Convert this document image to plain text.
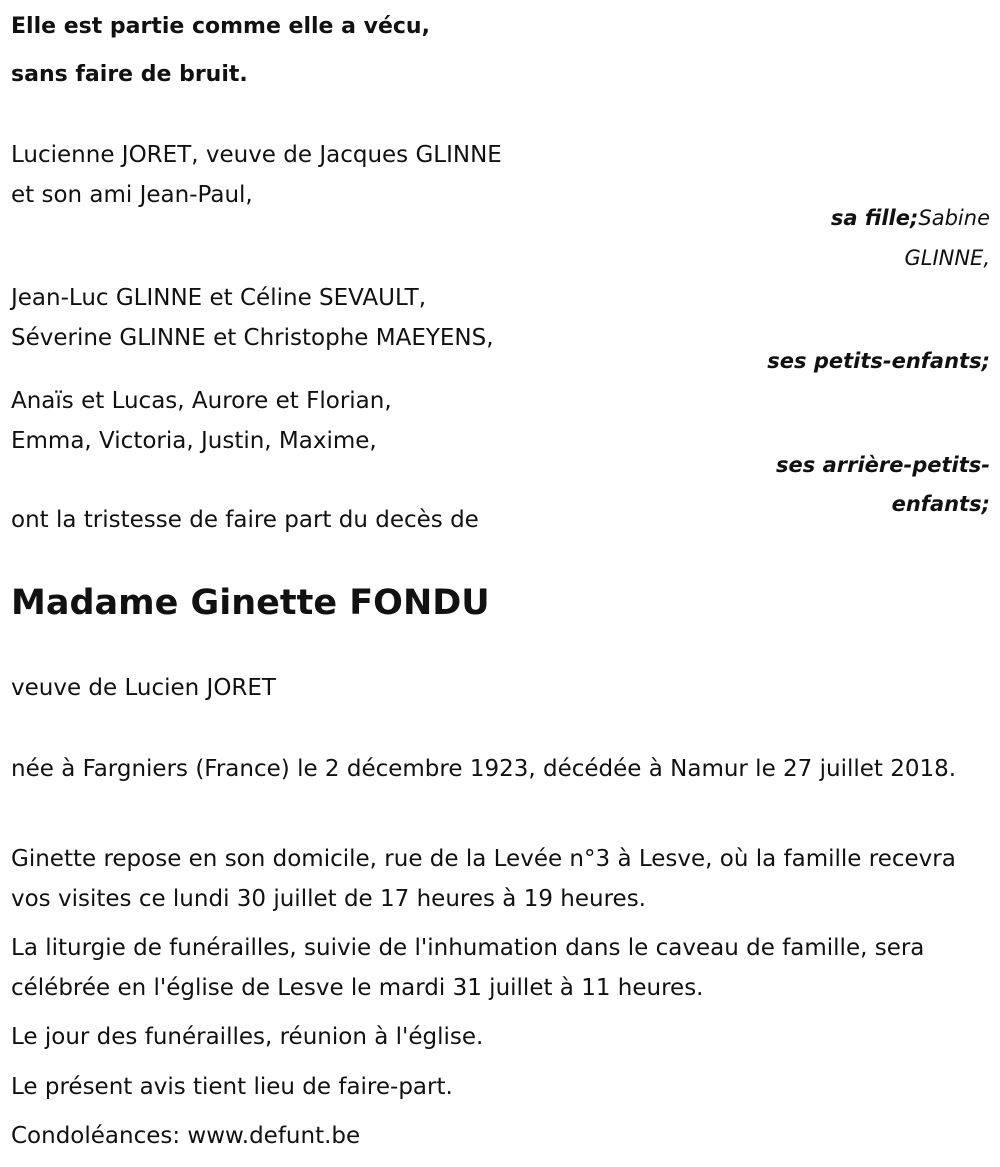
Elle est partie comme elle a vécu,
sans faire de bruit.
Lucienne JORET, veuve de Jacques GLINNE
et son ami Jean-Paul,
sa fille;Sabine
GLINNE,
Jean-Luc GLINNE et Céline SEVAULT,
Séverine GLINNE et Christophe MAEYENS,
ses petits-enfants;
Anaïs et Lucas, Aurore et Florian,
Emma, Victoria, Justin, Maxime,
ses arrière-petits-
enfants;
ont la tristesse de faire part du decès de
Madame Ginette FONDU
veuve de Lucien JORET
née à Fargniers (France) le 2 décembre 1923, décédée à Namur le 27 juillet 2018.
Ginette repose en son domicile, rue de la Levée n°3 à Lesve, où la famille recevra vos visites ce lundi 30 juillet de 17 heures à 19 heures.
La liturgie de funérailles, suivie de l'inhumation dans le caveau de famille, sera célébrée en l'église de Lesve le mardi 31 juillet à 11 heures.
Le jour des funérailles, réunion à l'église.
Le présent avis tient lieu de faire-part.
Condoléances: www.defunt.be
